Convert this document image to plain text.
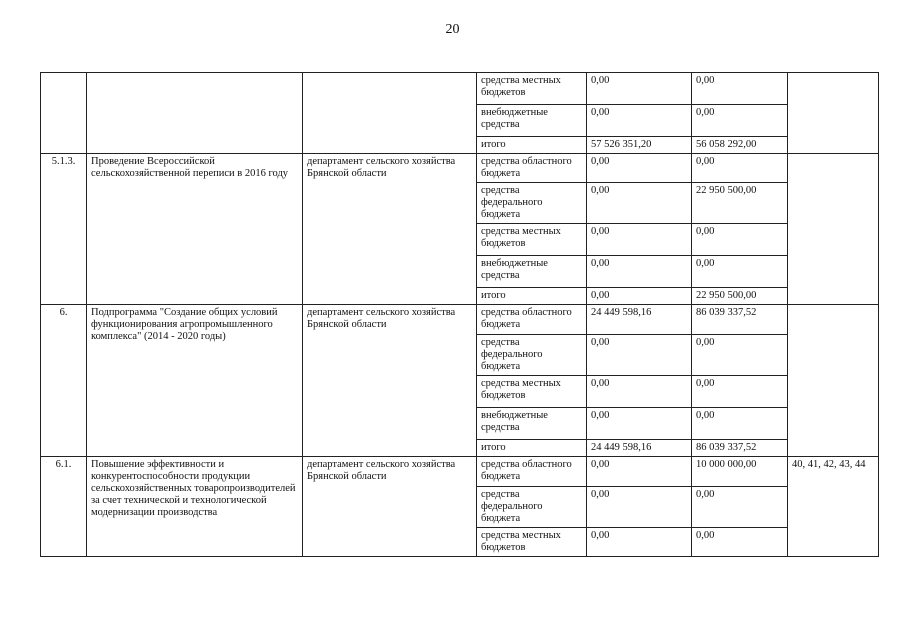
20
			средства местных бюджетов	0,00	0,00	
			внебюджетные средства	0,00	0,00	
			итого	57 526 351,20	56 058 292,00	
5.1.3.	Проведение Всероссийской сельскохозяйственной переписи в 2016 году	департамент сельского хозяйства Брянской области	средства областного бюджета	0,00	0,00	
			средства федерального бюджета	0,00	22 950 500,00	
			средства местных бюджетов	0,00	0,00	
			внебюджетные средства	0,00	0,00	
			итого	0,00	22 950 500,00	
6.	Подпрограмма "Создание общих условий функционирования агропромышленного комплекса" (2014 - 2020 годы)	департамент сельского хозяйства Брянской области	средства областного бюджета	24 449 598,16	86 039 337,52	
			средства федерального бюджета	0,00	0,00	
			средства местных бюджетов	0,00	0,00	
			внебюджетные средства	0,00	0,00	
			итого	24 449 598,16	86 039 337,52	
6.1.	Повышение эффективности и конкурентоспособности продукции сельскохозяйственных товаропроизводителей за счет технической и технологической модернизации производства	департамент сельского хозяйства Брянской области	средства областного бюджета	0,00	10 000 000,00	40, 41, 42, 43, 44
			средства федерального бюджета	0,00	0,00	
			средства местных бюджетов	0,00	0,00	
